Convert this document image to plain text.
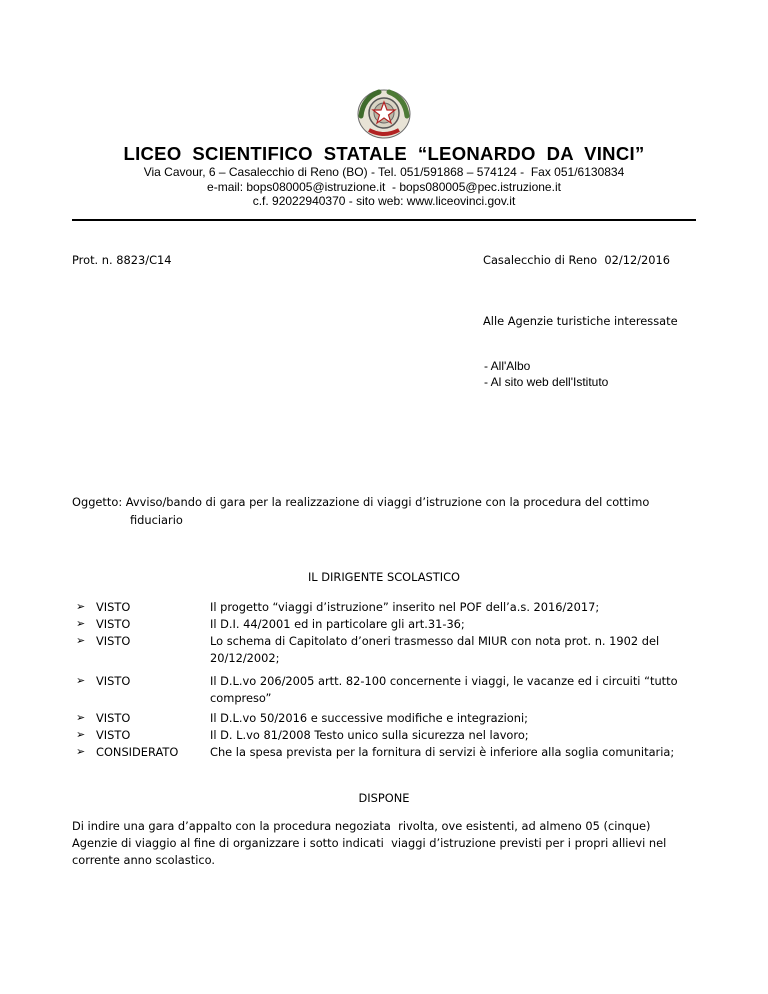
LICEO  SCIENTIFICO  STATALE  “LEONARDO  DA  VINCI”
Via Cavour, 6 – Casalecchio di Reno (BO) - Tel. 051/591868 – 574124 -  Fax 051/6130834
e-mail: bops080005@istruzione.it  - bops080005@pec.istruzione.it
c.f. 92022940370 - sito web: www.liceovinci.gov.it
Prot. n. 8823/C14	Casalecchio di Reno  02/12/2016
Alle Agenzie turistiche interessate
- All'Albo
- Al sito web dell'Istituto
Oggetto: Avviso/bando di gara per la realizzazione di viaggi d’istruzione con la procedura del cottimo
fiduciario
IL DIRIGENTE SCOLASTICO
➢ VISTO	Il progetto “viaggi d’istruzione” inserito nel POF dell’a.s. 2016/2017;
➢ VISTO	Il D.I. 44/2001 ed in particolare gli art.31-36;
➢ VISTO	Lo schema di Capitolato d’oneri trasmesso dal MIUR con nota prot. n. 1902 del 20/12/2002;
➢ VISTO	Il D.L.vo 206/2005 artt. 82-100 concernente i viaggi, le vacanze ed i circuiti “tutto compreso”
➢ VISTO	Il D.L.vo 50/2016 e successive modifiche e integrazioni;
➢ VISTO	Il D. L.vo 81/2008 Testo unico sulla sicurezza nel lavoro;
➢ CONSIDERATO	Che la spesa prevista per la fornitura di servizi è inferiore alla soglia comunitaria;
DISPONE
Di indire una gara d’appalto con la procedura negoziata  rivolta, ove esistenti, ad almeno 05 (cinque)
Agenzie di viaggio al fine di organizzare i sotto indicati  viaggi d’istruzione previsti per i propri allievi nel
corrente anno scolastico.
